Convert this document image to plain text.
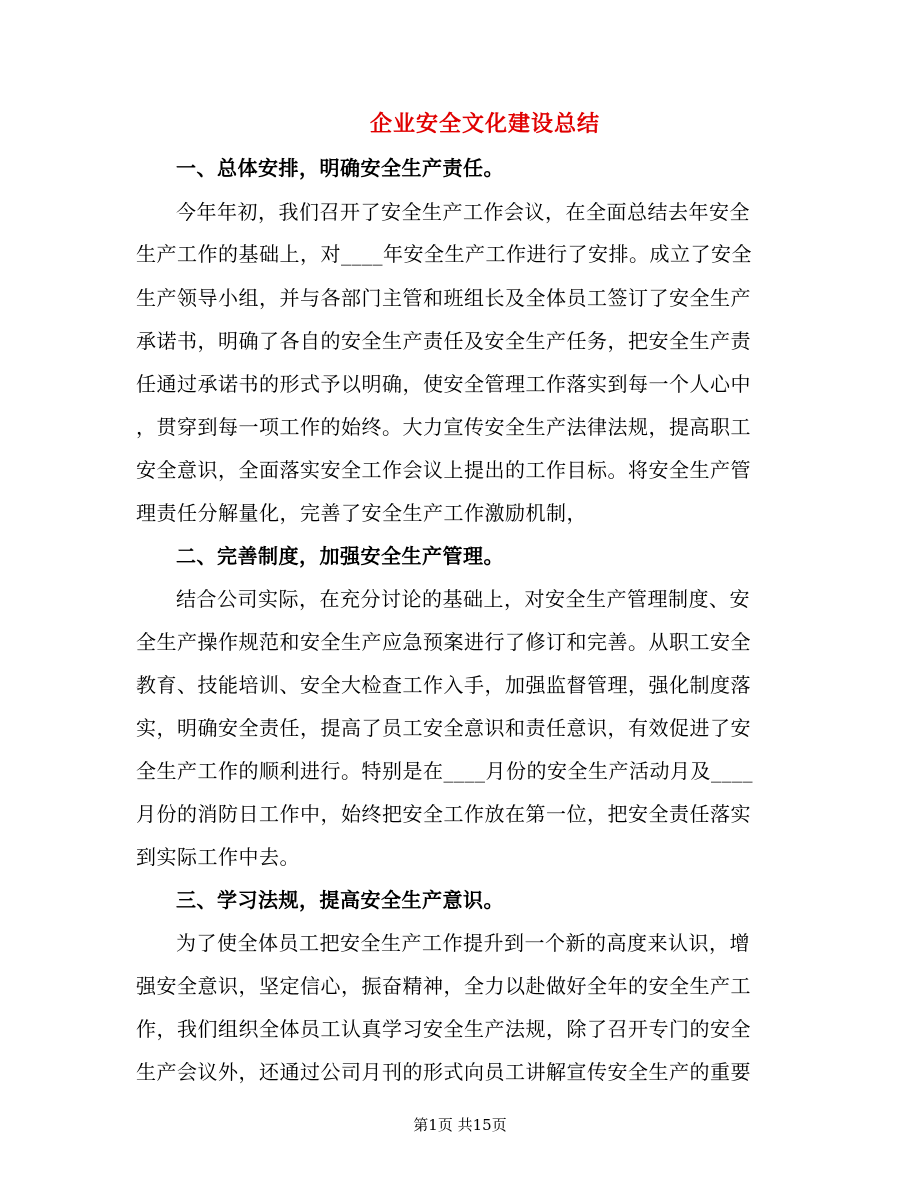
企业安全文化建设总结
一、总体安排，明确安全生产责任。
今年年初，我们召开了安全生产工作会议，在全面总结去年安全
生产工作的基础上，对____年安全生产工作进行了安排。成立了安全
生产领导小组，并与各部门主管和班组长及全体员工签订了安全生产
承诺书，明确了各自的安全生产责任及安全生产任务，把安全生产责
任通过承诺书的形式予以明确，使安全管理工作落实到每一个人心中
，贯穿到每一项工作的始终。大力宣传安全生产法律法规，提高职工
安全意识，全面落实安全工作会议上提出的工作目标。将安全生产管
理责任分解量化，完善了安全生产工作激励机制，
二、完善制度，加强安全生产管理。
结合公司实际，在充分讨论的基础上，对安全生产管理制度、安
全生产操作规范和安全生产应急预案进行了修订和完善。从职工安全
教育、技能培训、安全大检查工作入手，加强监督管理，强化制度落
实，明确安全责任，提高了员工安全意识和责任意识，有效促进了安
全生产工作的顺利进行。特别是在____月份的安全生产活动月及____
月份的消防日工作中，始终把安全工作放在第一位，把安全责任落实
到实际工作中去。
三、学习法规，提高安全生产意识。
为了使全体员工把安全生产工作提升到一个新的高度来认识，增
强安全意识，坚定信心，振奋精神，全力以赴做好全年的安全生产工
作，我们组织全体员工认真学习安全生产法规，除了召开专门的安全
生产会议外，还通过公司月刊的形式向员工讲解宣传安全生产的重要
第1页 共15页
